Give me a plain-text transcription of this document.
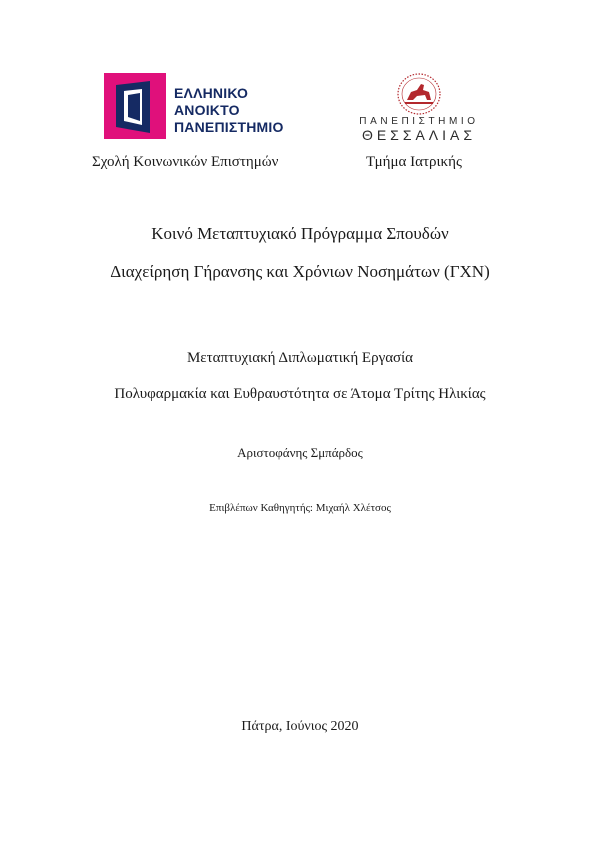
ΕΛΛΗΝΙΚΟ
ΑΝΟΙΚΤΟ
ΠΑΝΕΠΙΣΤΗΜΙΟ	ΠΑΝΕΠΙΣΤΗΜΙΟ
ΘΕΣΣΑΛΙΑΣ
Σχολή Κοινωνικών Επιστημών	Τμήμα Ιατρικής
Κοινό Μεταπτυχιακό Πρόγραμμα Σπουδών
Διαχείρηση Γήρανσης και Χρόνιων Νοσημάτων (ΓΧΝ)
Μεταπτυχιακή Διπλωματική Εργασία
Πολυφαρμακία και Ευθραυστότητα σε Άτομα Τρίτης Ηλικίας
Αριστοφάνης Σμπάρδος
Επιβλέπων Καθηγητής: Μιχαήλ Χλέτσος
Πάτρα, Ιούνιος 2020
